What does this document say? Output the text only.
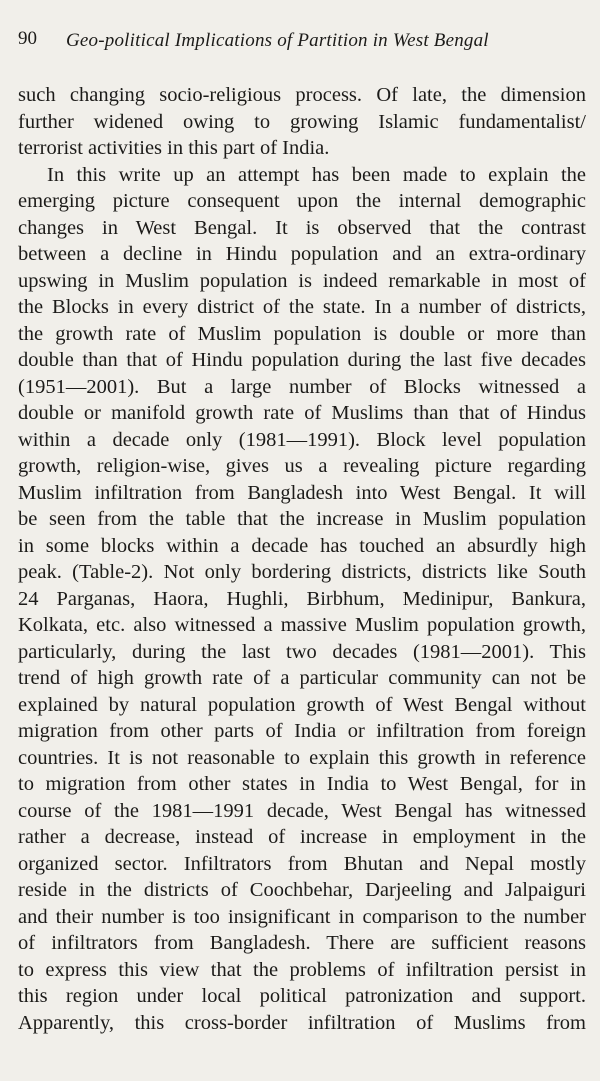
90 Geo-political Implications of Partition in West Bengal
such changing socio-religious process. Of late, the dimension
further widened owing to growing Islamic fundamentalist/
terrorist activities in this part of India.
In this write up an attempt has been made to explain the
emerging picture consequent upon the internal demographic
changes in West Bengal. It is observed that the contrast
between a decline in Hindu population and an extra-ordinary
upswing in Muslim population is indeed remarkable in most of
the Blocks in every district of the state. In a number of districts,
the growth rate of Muslim population is double or more than
double than that of Hindu population during the last five decades
(1951—2001). But a large number of Blocks witnessed a
double or manifold growth rate of Muslims than that of Hindus
within a decade only (1981—1991). Block level population
growth, religion-wise, gives us a revealing picture regarding
Muslim infiltration from Bangladesh into West Bengal. It will
be seen from the table that the increase in Muslim population
in some blocks within a decade has touched an absurdly high
peak. (Table-2). Not only bordering districts, districts like South
24 Parganas, Haora, Hughli, Birbhum, Medinipur, Bankura,
Kolkata, etc. also witnessed a massive Muslim population growth,
particularly, during the last two decades (1981—2001). This
trend of high growth rate of a particular community can not be
explained by natural population growth of West Bengal without
migration from other parts of India or infiltration from foreign
countries. It is not reasonable to explain this growth in reference
to migration from other states in India to West Bengal, for in
course of the 1981—1991 decade, West Bengal has witnessed
rather a decrease, instead of increase in employment in the
organized sector. Infiltrators from Bhutan and Nepal mostly
reside in the districts of Coochbehar, Darjeeling and Jalpaiguri
and their number is too insignificant in comparison to the number
of infiltrators from Bangladesh. There are sufficient reasons
to express this view that the problems of infiltration persist in
this region under local political patronization and support.
Apparently, this cross-border infiltration of Muslims from
